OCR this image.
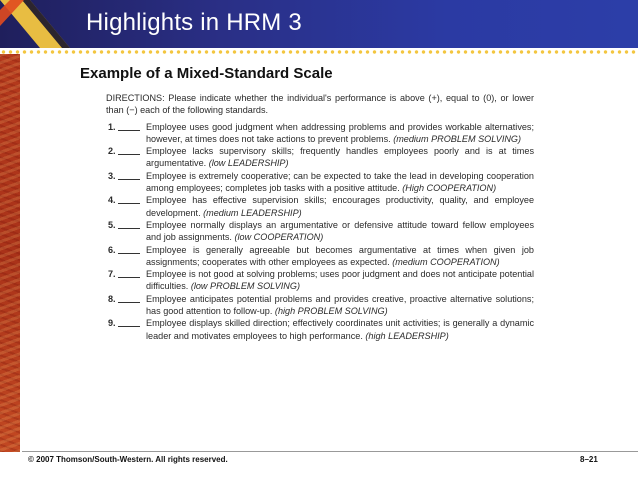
Highlights in HRM 3
Example of a Mixed-Standard Scale

DIRECTIONS: Please indicate whether the individual's performance is above (+), equal to (0), or lower than (−) each of the following standards.

1.	Employee uses good judgment when addressing problems and provides workable alternatives; however, at times does not take actions to prevent problems. (medium PROBLEM SOLVING)

2.	Employee lacks supervisory skills; frequently handles employees poorly and is at times argumentative. (low LEADERSHIP)

3.	Employee is extremely cooperative; can be expected to take the lead in developing cooperation among employees; completes job tasks with a positive attitude. (High COOPERATION)

4.	Employee has effective supervision skills; encourages productivity, quality, and employee development. (medium LEADERSHIP)

5.	Employee normally displays an argumentative or defensive attitude toward fellow employees and job assignments. (low COOPERATION)

6.	Employee is generally agreeable but becomes argumentative at times when given job assignments; cooperates with other employees as expected. (medium COOPERATION)

7.	Employee is not good at solving problems; uses poor judgment and does not anticipate potential difficulties. (low PROBLEM SOLVING)

8.	Employee anticipates potential problems and provides creative, proactive alternative solutions; has good attention to follow-up. (high PROBLEM SOLVING)

9.	Employee displays skilled direction; effectively coordinates unit activities; is generally a dynamic leader and motivates employees to high performance. (high LEADERSHIP)

© 2007 Thomson/South-Western. All rights reserved.	8–21
